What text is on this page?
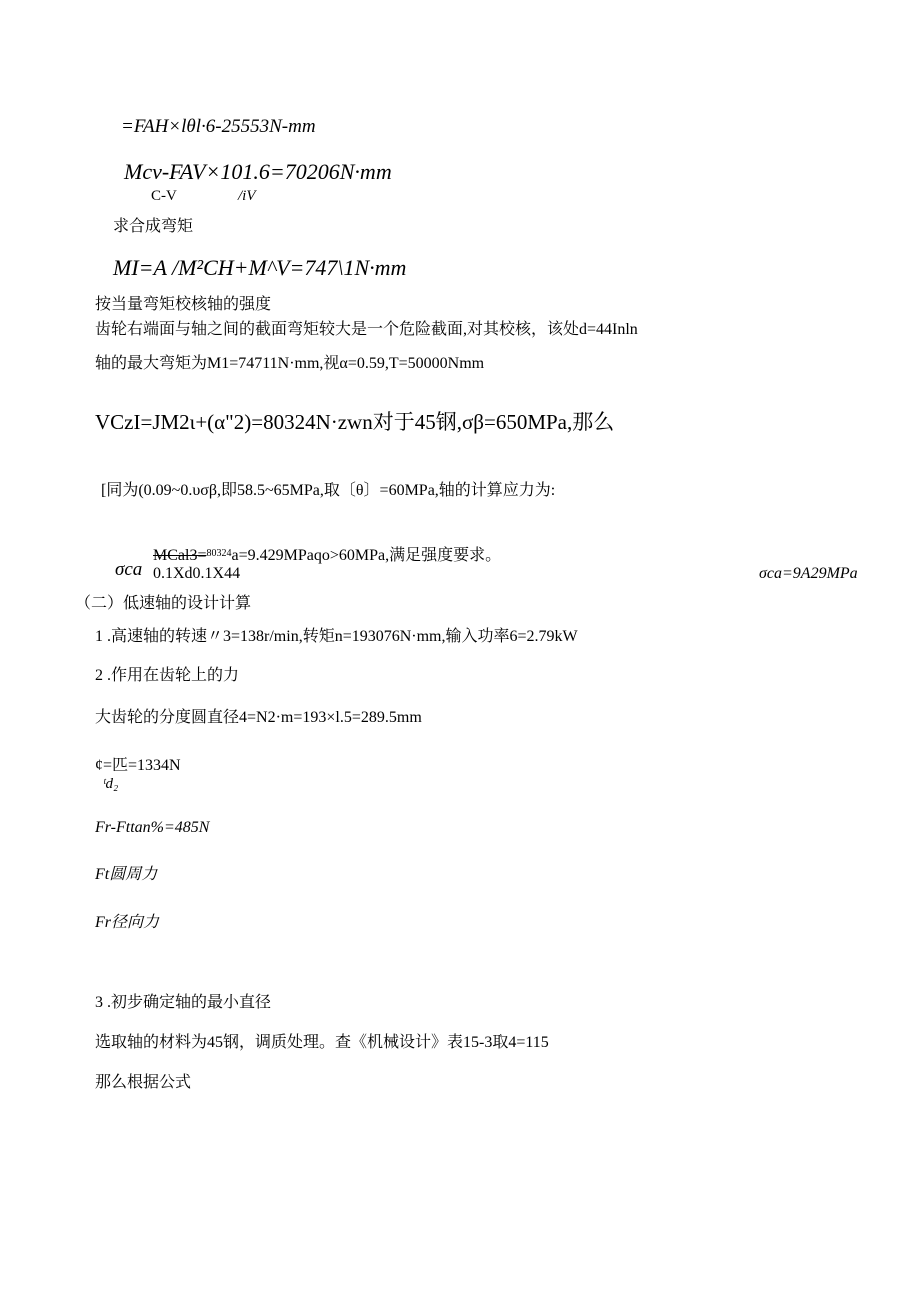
=FAH×lθl·6-25553N-mm
Mcv-FAV×101.6=70206N·mm
C-V	/iV
求合成弯矩
MI=A /M²CH+M^V=747\1N·mm
按当量弯矩校核轴的强度
齿轮右端面与轴之间的截面弯矩较大是一个危险截面,对其校核，该处d=44Inln
轴的最大弯矩为M1=74711N·mm,视α=0.59,T=50000Nmm
VCzI=JM2ι+(α"2)=80324N·zwn对于45钢,σβ=650MPa,那么
[同为(0.09~0.υσβ,即58.5~65MPa,取〔θ〕=60MPa,轴的计算应力为:
MCal3=$^{80324}$a=9.429MPaqo>60MPa,满足强度要求。
σca 0.1Xd0.1X44	σca=9A29MPa
（二）低速轴的设计计算
1 .高速轴的转速〃3=138r/min,转矩n=193076N·mm,输入功率6=2.79kW
2 .作用在齿轮上的力
大齿轮的分度圆直径4=N2·m=193×l.5=289.5mm
¢=匹=1334N
ᵗd₂
Fr-Fttan%=485N
Ft圆周力
Fr径向力
3 .初步确定轴的最小直径
选取轴的材料为45钢，调质处理。查《机械设计》表15-3取4=115
那么根据公式
